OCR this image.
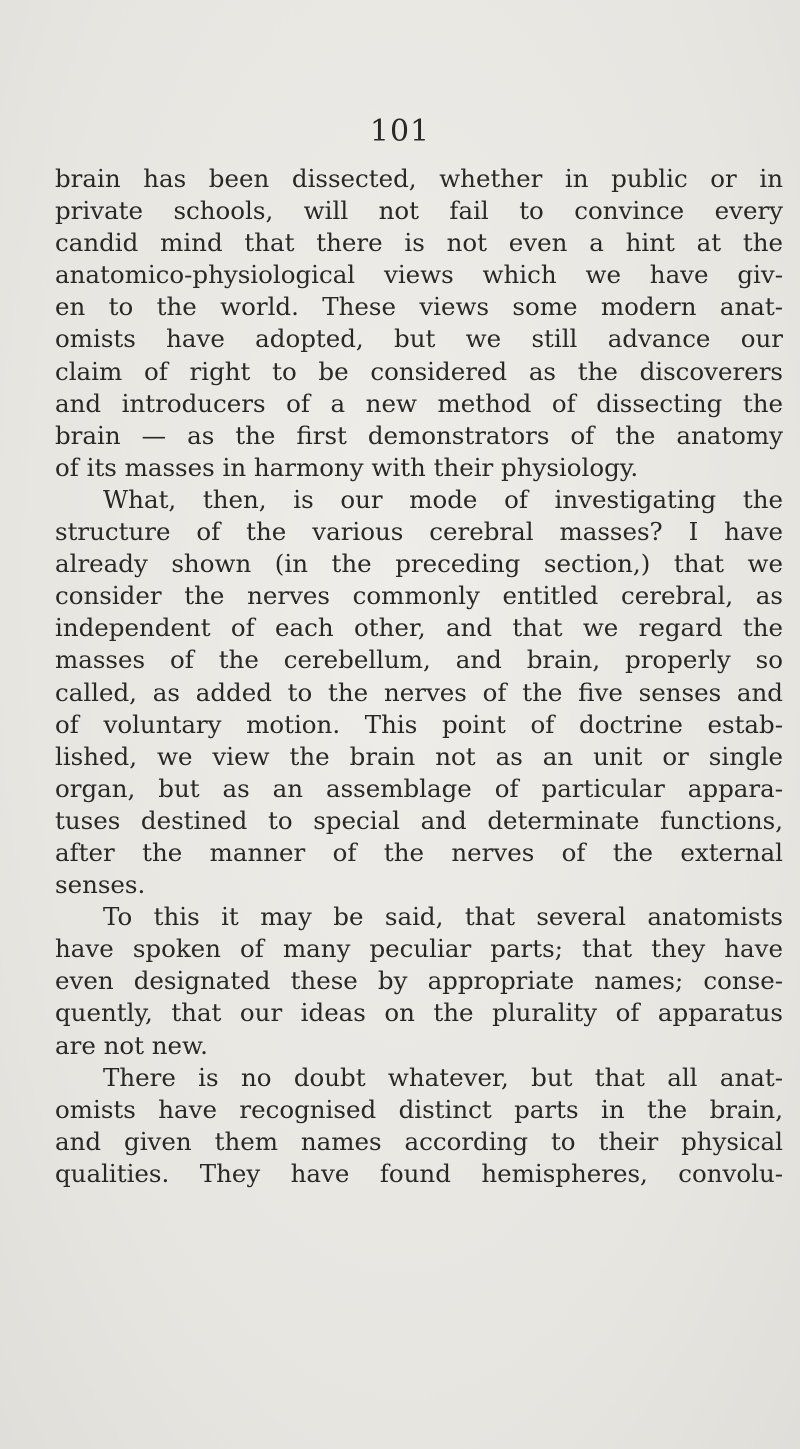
101
brain has been dissected, whether in public or in
private schools, will not fail to convince every
candid mind that there is not even a hint at the
anatomico-physiological views which we have giv-
en to the world. These views some modern anat-
omists have adopted, but we still advance our
claim of right to be considered as the discoverers
and introducers of a new method of dissecting the
brain — as the first demonstrators of the anatomy
of its masses in harmony with their physiology.
What, then, is our mode of investigating the
structure of the various cerebral masses? I have
already shown (in the preceding section,) that we
consider the nerves commonly entitled cerebral, as
independent of each other, and that we regard the
masses of the cerebellum, and brain, properly so
called, as added to the nerves of the five senses and
of voluntary motion. This point of doctrine estab-
lished, we view the brain not as an unit or single
organ, but as an assemblage of particular appara-
tuses destined to special and determinate functions,
after the manner of the nerves of the external
senses.
To this it may be said, that several anatomists
have spoken of many peculiar parts; that they have
even designated these by appropriate names; conse-
quently, that our ideas on the plurality of apparatus
are not new.
There is no doubt whatever, but that all anat-
omists have recognised distinct parts in the brain,
and given them names according to their physical
qualities. They have found hemispheres, convolu-
